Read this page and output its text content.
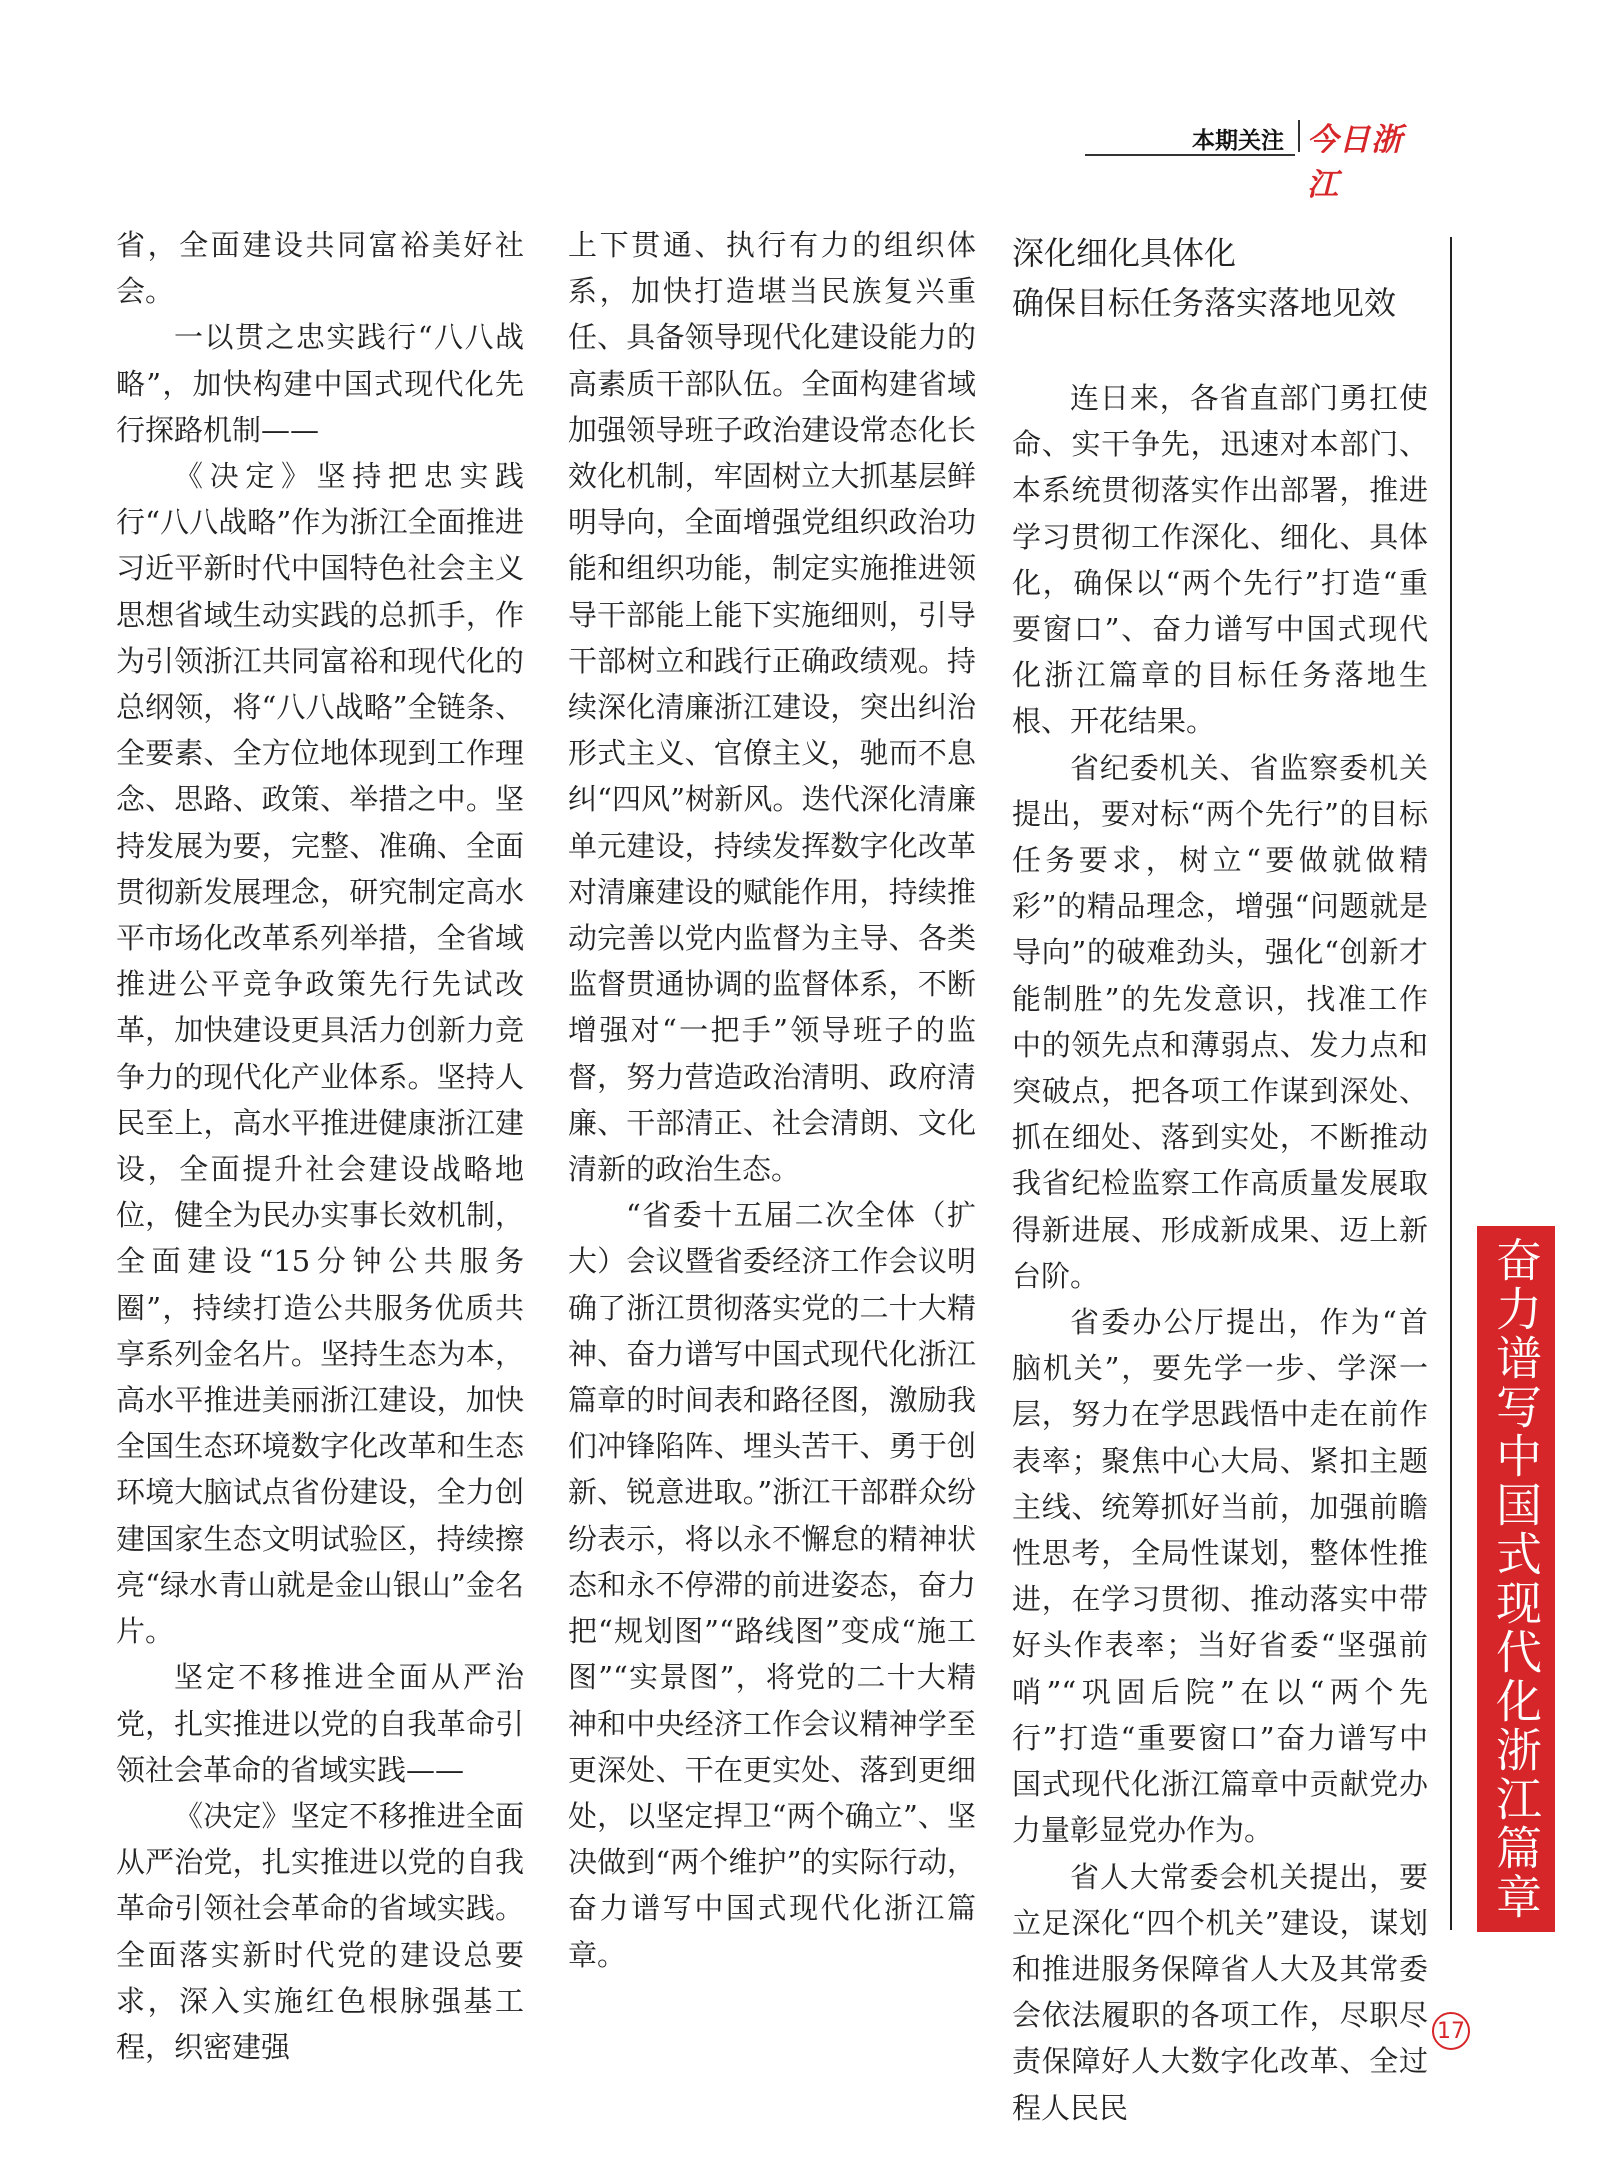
本期关注 今日浙江

省，全面建设共同富裕美好社会。

一以贯之忠实践行“八八战略”，加快构建中国式现代化先行探路机制——

《决定》坚持把忠实践行“八八战略”作为浙江全面推进习近平新时代中国特色社会主义思想省域生动实践的总抓手，作为引领浙江共同富裕和现代化的总纲领，将“八八战略”全链条、全要素、全方位地体现到工作理念、思路、政策、举措之中。坚持发展为要，完整、准确、全面贯彻新发展理念，研究制定高水平市场化改革系列举措，全省域推进公平竞争政策先行先试改革，加快建设更具活力创新力竞争力的现代化产业体系。坚持人民至上，高水平推进健康浙江建设，全面提升社会建设战略地位，健全为民办实事长效机制，全面建设“15分钟公共服务圈”，持续打造公共服务优质共享系列金名片。坚持生态为本，高水平推进美丽浙江建设，加快全国生态环境数字化改革和生态环境大脑试点省份建设，全力创建国家生态文明试验区，持续擦亮“绿水青山就是金山银山”金名片。

坚定不移推进全面从严治党，扎实推进以党的自我革命引领社会革命的省域实践——

《决定》坚定不移推进全面从严治党，扎实推进以党的自我革命引领社会革命的省域实践。全面落实新时代党的建设总要求，深入实施红色根脉强基工程，织密建强

上下贯通、执行有力的组织体系，加快打造堪当民族复兴重任、具备领导现代化建设能力的高素质干部队伍。全面构建省域加强领导班子政治建设常态化长效化机制，牢固树立大抓基层鲜明导向，全面增强党组织政治功能和组织功能，制定实施推进领导干部能上能下实施细则，引导干部树立和践行正确政绩观。持续深化清廉浙江建设，突出纠治形式主义、官僚主义，驰而不息纠“四风”树新风。迭代深化清廉单元建设，持续发挥数字化改革对清廉建设的赋能作用，持续推动完善以党内监督为主导、各类监督贯通协调的监督体系，不断增强对“一把手”领导班子的监督，努力营造政治清明、政府清廉、干部清正、社会清朗、文化清新的政治生态。

“省委十五届二次全体（扩大）会议暨省委经济工作会议明确了浙江贯彻落实党的二十大精神、奋力谱写中国式现代化浙江篇章的时间表和路径图，激励我们冲锋陷阵、埋头苦干、勇于创新、锐意进取。”浙江干部群众纷纷表示，将以永不懈怠的精神状态和永不停滞的前进姿态，奋力把“规划图”“路线图”变成“施工图”“实景图”，将党的二十大精神和中央经济工作会议精神学至更深处、干在更实处、落到更细处，以坚定捍卫“两个确立”、坚决做到“两个维护”的实际行动，奋力谱写中国式现代化浙江篇章。

深化细化具体化
确保目标任务落实落地见效

连日来，各省直部门勇扛使命、实干争先，迅速对本部门、本系统贯彻落实作出部署，推进学习贯彻工作深化、细化、具体化，确保以“两个先行”打造“重要窗口”、奋力谱写中国式现代化浙江篇章的目标任务落地生根、开花结果。

省纪委机关、省监察委机关提出，要对标“两个先行”的目标任务要求，树立“要做就做精彩”的精品理念，增强“问题就是导向”的破难劲头，强化“创新才能制胜”的先发意识，找准工作中的领先点和薄弱点、发力点和突破点，把各项工作谋到深处、抓在细处、落到实处，不断推动我省纪检监察工作高质量发展取得新进展、形成新成果、迈上新台阶。

省委办公厅提出，作为“首脑机关”，要先学一步、学深一层，努力在学思践悟中走在前作表率；聚焦中心大局、紧扣主题主线、统筹抓好当前，加强前瞻性思考，全局性谋划，整体性推进，在学习贯彻、推动落实中带好头作表率；当好省委“坚强前哨”“巩固后院”在以“两个先行”打造“重要窗口”奋力谱写中国式现代化浙江篇章中贡献党办力量彰显党办作为。

省人大常委会机关提出，要立足深化“四个机关”建设，谋划和推进服务保障省人大及其常委会依法履职的各项工作，尽职尽责保障好人大数字化改革、全过程人民民

奋力谱写中国式现代化浙江篇章
17
